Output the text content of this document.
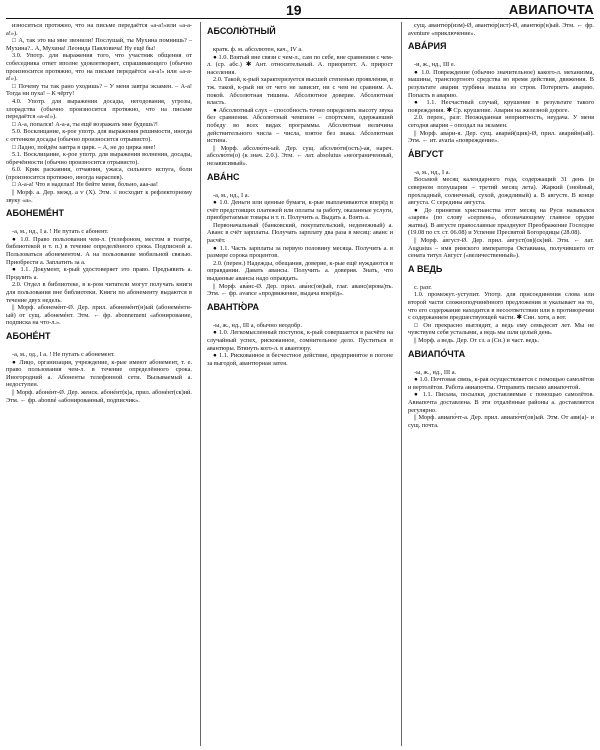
19	АВИАПОЧТА

износиться протяжно, что на письме передаётся «а-а!»или «а-а-а!»).

□ А, так это вы мне звонили! Послушай, ты Мухина помнишь? – Мухина?.. А, Мухина! Леонида Павловича! Ну ещё бы!

3.0. Употр. для выражения того, что участник общения от собеседника ответ вполне удовлетворяет, спрашивающего (обычно произносится протяжно, что на письме передаётся «а-а!» или «а-а-а!»).

□ Почему ты так рано уходишь? – У меня завтра экзамен. – А-а! Тогда ни пуха! – К чёрту!

4.0. Употр. для выражения досады, негодования, угрозы, злорадства (обычно произносится протяжно, что на письме передаётся «а-а!»).

□ А-а, попался! А-а-а, ты ещё возражать мне будешь?!

5.0. Восклицание, к-рое употр. для выражения решимости, иногда с оттенком досады (обычно произносится отрывисто).

□ Ладно, пойдём завтра в цирк. – А, не до цирка мне!

5.1. Восклицание, к-рое употр. для выражения волнения, досады, обречённости (обычно произносится отрывисто).

6.0. Крик раскаяния, отчаяния, ужаса, сильного испуга, боли (произносится протяжно, иногда нараспев).

□ А-а-а! Что я наделал! Не бейте меня, больно, ааа-аа!

|| Морф. а. Дер. межд. а ѵ (Х). Этм. ≤ восходит к рефлекторному звуку «а».

АБОНЕМÉНТ

-а, м., нд., I а. ! Не путать с абонент.

● 1.0. Право пользования чем-л. (телефоном, местом в театре, библиотекой и т. п.) в течение определённого срока. Подписной а. Пользоваться абонементом. А на пользование мобильной связью. Приобрести а. Заплатить за а.

● 1.1. Документ, к-рый удостоверяет это право. Предъявить а. Продлить а.

2.0. Отдел в библиотеке, в к-ром читатели могут получать книги для пользования вне библиотеки. Книги по абонементу выдаются в течение двух недель.

|| Морф. абонемéнт-Ø. Дер. прил. абонемéнт(н)ый (абонемéнтн-ый) от сущ. абонемéнт. Этм. ← фр. abonnement «абонирование, подписка на что-л.».

АБОНÉНТ

-а, м., од., I а. ! Не путать с абонемент.

● Лицо, организация, учреждение, к-рые имеют абонемент, т. е. право пользования чем-л. в течение определённого срока. Иногородний а. Абоненты телефонной сети. Вызываемый а. недоступен.

|| Морф. абонéнт-Ø. Дер. женск. абонéнт(к)а, прил. абонéнт(ск)ий. Этм. ← фр. abonné «абонированный, подписчик».

АБСОЛЮ́ТНЫЙ

кратк. ф. м. абсолютен, кач., IV а.

● 1.0. Взятый вне связи с чем-л., сам по себе, вне сравнения с чем-л. (ср. абс.) ✱ Ант. относительный. А. приоритет. А. прирост населения.

2.0. Такой, к-рый характеризуется высшей степенью проявления, в тж. такой, к-рый ни от чего не зависит, ни с чем не сравним. А. покой. Абсолютная тишина. Абсолютное доверие. Абсолютная власть.

● Абсолютный слух – способность точно определять высоту звука без сравнения. Абсолютный чемпион – спортсмен, одержавший победу во всех видах программы. Абсолютная величина действительного числа – числа, взятое без знака. Абсолютная истина.

|| Морф. абсолю́тн-ый. Дер. сущ. абсолю́тн(ость)-ая, нареч. абсолю́тн(о) (к знач. 2.0.). Этм. ← лат. absolutus «неограниченный, независимый».

АВÁНС

-а, м., нд., I а.

● 1.0. Деньги или ценные бумаги, к-рые выплачиваются вперёд в счёт предстоящих платежей или оплаты за работу, оказанные услуги, приобретаемые товары и т. п. Получить а. Выдать а. Взять а.

Первоначальный (банковский, покупательский, неденежный) а. Аванс в счёт зарплаты. Получать зарплату два раза в месяц: аванс и расчёт.

● 1.1. Часть зарплаты за первую половину месяца. Получить а. в размере сорока процентов.

2.0. (перен.) Надежды, обещания, доверие, к-рые ещё нуждаются в оправдании. Давать авансы. Получить а. доверия. Знать, что выданные авансы надо оправдать.

|| Морф. ава́нс-Ø. Дер. прил. ава́нс(ов)ый, глаг. аванс(ирова)ть. Этм. ← фр. avance «продвижение, выдача вперёд».

АВАНТЮ́РА

-ы, ж., нд., III а, обычно неодобр.

● 1.0. Легкомысленный поступок, к-рый совершается в расчёте на случайный успех, рискованное, сомнительное дело. Пуститься в авантюры. Втянуть кого-л. в авантюру.

● 1.1. Рискованное и бесчестное действие, предпринятое в погоне за выгодой, авантюрная затея.

сущ. авантю́р(изм)-Ø, авантю́р(ист)-Ø, авантю́р(н)ый. Этм. ← фр. aventure «приключение».

АВÁРИЯ

-и, ж., нд., III е.

● 1.0. Повреждение (обычно значительное) какого-л. механизма, машины, транспортного средства во время действия, движения. В результате аварии турбина вышла из строя. Потерпеть аварию. Попасть в аварию.

● 1.1. Несчастный случай, крушение в результате такого повреждения. ✱ Ср. крушение. Авария на железной дороге.

2.0. перен., разг. Неожиданная неприятность, неудача. У меня сегодня авария – опоздал на экзамен.

|| Морф. ава́ри-я. Дер. сущ. авари́й(щик)-Ø, прил. авари́йн(ый). Этм. ← ит. avaria «повреждение».

А́ВГУСТ

-а, м., нд., I а.

Восьмой месяц календарного года, содержащий 31 день (в северном полушарии – третий месяц лета). Жаркий (знойный, прохладный, солнечный, сухой, дождливый) а. В августе. В конце августа. С середины августа.

● До принятия христианства этот месяц на Руси назывался «зарев» (по слову «серпень», обозначающему главное орудие жатвы). В августе православные празднуют Преображение Господне (19.08 по ст. ст. 06.08) и Успение Пресвятой Богородицы (28.08).

|| Морф. а́вгуст-Ø. Дер. прил. а́вгуст(ов)(ск)ий. Этм. ← лат. Augustus – имя римского императора Октавиана, получившего от сената титул Август («величественный»).

А ВЕДЬ

с. разг.

1.0. промежут.-уступит. Употр. для присоединения слова или второй части сложноподчинённого предложения и указывает на то, что его содержание находится в несоответствии или в противоречии с содержанием предшествующей части. ✱ Син. хотя, а вот.

□ Он прекрасно выглядит, а ведь ему семьдесят лет. Мы не чувствуем себя усталыми, а ведь мы шли целый день.

|| Морф. а ведь. Дер. От сз. а (Сн.) и част. ведь.

АВИАПÓЧТА

-ы, ж., нд., III а.

● 1.0. Почтовая связь, к-рая осуществляется с помощью самолётов и вертолётов. Работа авиапочты. Отправить письмо авиапочтой.

● 1.1. Письма, посылки, доставляемые с помощью самолётов. Авиапочта доставлена. В эти отдалённые районы а. доставляется регулярно.

|| Морф. авиапо́чт-а. Дер. прил. авиапо́чт(ов)ый. Этм. От ави(а)- и сущ. почта.
